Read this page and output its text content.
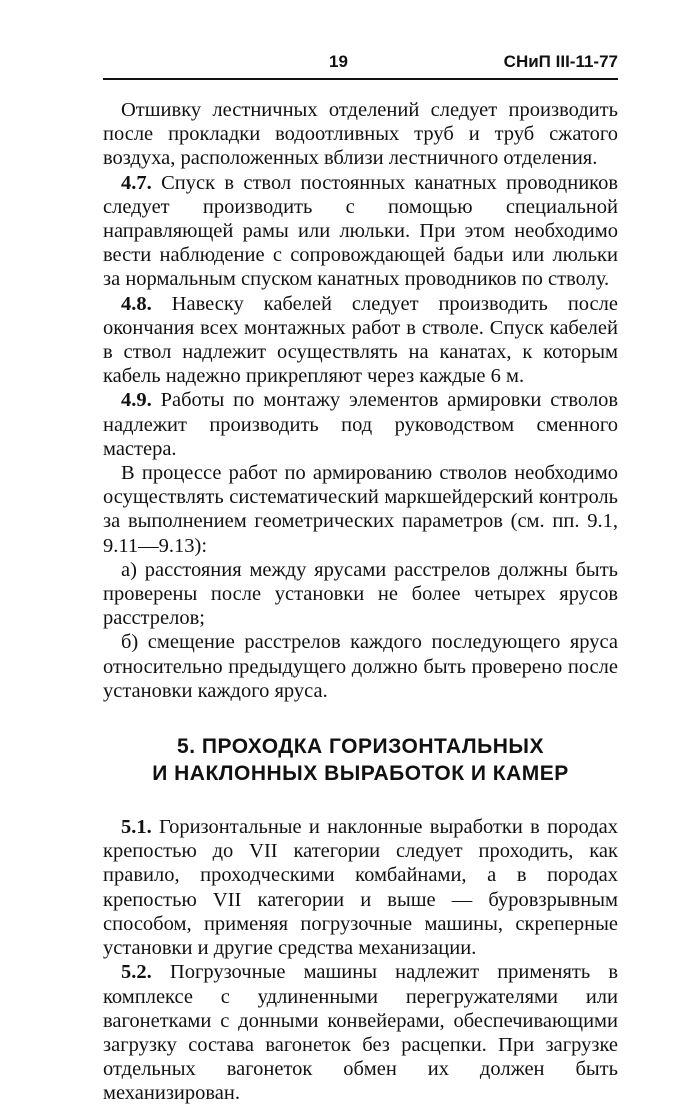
19	СНиП III-11-77

Отшивку лестничных отделений следует производить после прокладки водоотливных труб и труб сжатого воздуха, расположенных вблизи лестничного отделения.

4.7. Спуск в ствол постоянных канатных проводников следует производить с помощью специальной направляющей рамы или люльки. При этом необходимо вести наблюдение с сопровождающей бадьи или люльки за нормальным спуском канатных проводников по стволу.

4.8. Навеску кабелей следует производить после окончания всех монтажных работ в стволе. Спуск кабелей в ствол надлежит осуществлять на канатах, к которым кабель надежно прикрепляют через каждые 6 м.

4.9. Работы по монтажу элементов армировки стволов надлежит производить под руководством сменного мастера.

В процессе работ по армированию стволов необходимо осуществлять систематический маркшейдерский контроль за выполнением геометрических параметров (см. пп. 9.1, 9.11—9.13):

а) расстояния между ярусами расстрелов должны быть проверены после установки не более четырех ярусов расстрелов;

б) смещение расстрелов каждого последующего яруса относительно предыдущего должно быть проверено после установки каждого яруса.

5. ПРОХОДКА ГОРИЗОНТАЛЬНЫХ
И НАКЛОННЫХ ВЫРАБОТОК И КАМЕР

5.1. Горизонтальные и наклонные выработки в породах крепостью до VII категории следует проходить, как правило, проходческими комбайнами, а в породах крепостью VII категории и выше — буровзрывным способом, применяя погрузочные машины, скреперные установки и другие средства механизации.

5.2. Погрузочные машины надлежит применять в комплексе с удлиненными перегружателями или вагонетками с донными конвейерами, обеспечивающими загрузку состава вагонеток без расцепки. При загрузке отдельных вагонеток обмен их должен быть механизирован.
